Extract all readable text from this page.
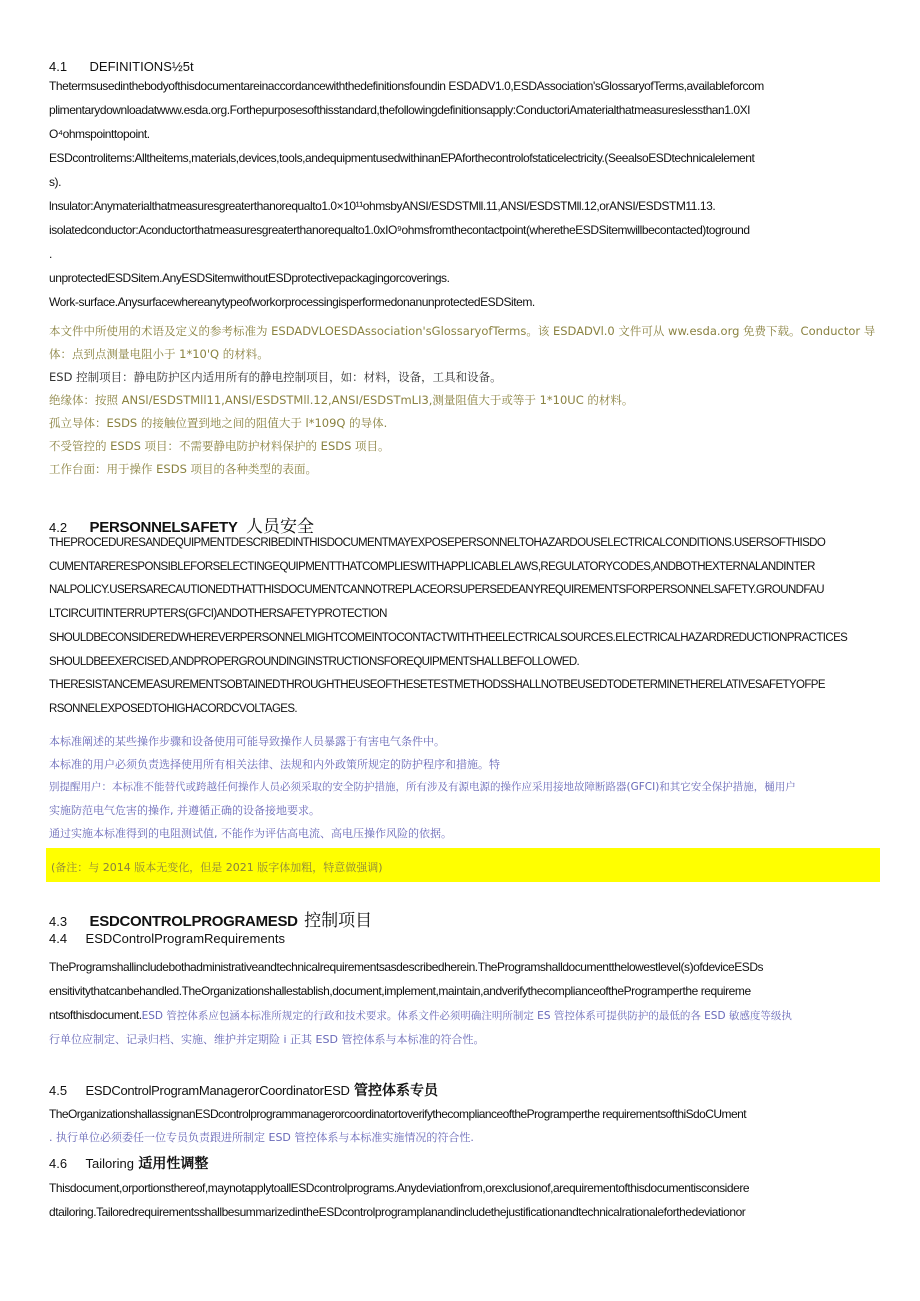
4.1 DEFINITIONS½5t
Thetermsusedinthebodyofthisdocumentareinaccordancewiththedefinitionsfoundin ESDADV1.0,ESDAssociation'sGlossaryofTerms,availableforcom
plimentarydownloadatwww.esda.org.Forthepurposesofthisstandard,thefollowingdefinitionsapply:ConductoriAmaterialthatmeasureslessthan1.0XI
O⁴ohmspointtopoint.
ESDcontrolitems:Alltheitems,materials,devices,tools,andequipmentusedwithinanEPAforthecontrolofstaticelectricity.(SeealsoESDtechnicalelement
s).
lnsulator:Anymaterialthatmeasuresgreaterthanorequalto1.0×10¹¹ohmsbyANSI/ESDSTMll.11,ANSI/ESDSTMll.12,orANSI/ESDSTM11.13.
isolatedconductor:Aconductorthatmeasuresgreaterthanorequalto1.0xIO⁹ohmsfromthecontactpoint(wheretheESDSitemwillbecontacted)toground
.
unprotectedESDSitem.AnyESDSitemwithoutESDprotectivepackagingorcoverings.
Work-surface.AnysurfacewhereanytypeofworkorprocessingisperformedonanunprotectedESDSitem.
本文件中所使用的术语及定义的参考标准为 ESDADVLOESDAssociation'sGlossaryofTerms。该 ESDADVl.0 文件可从 ww.esda.org 免费下载。Conductor 导
体：点到点测量电阻小于 1*10'Q 的材料。
ESD 控制项目：静电防护区内适用所有的静电控制项目，如：材料，设备，工具和设备。
绝缘体：按照 ANSl/ESDSTMll11,ANSl/ESDSTMll.12,ANSI/ESDSTmLI3,测量阻值大于或等于 1*10UC 的材料。
孤立导体：ESDS 的接触位置到地之间的阻值大于 l*109Q 的导体.
不受管控的 ESDS 项目：不需要静电防护材料保护的 ESDS 项目。
工作台面：用于操作 ESDS 项目的各种类型的表面。
4.2 PERSONNELSAFETY 人员安全
THEPROCEDURESANDEQUIPMENTDESCRIBEDINTHISDOCUMENTMAYEXPOSEPERSONNELTOHAZARDOUSELECTRICALCONDITIONS.USERSOFTHISDO
CUMENTARERESPONSIBLEFORSELECTINGEQUIPMENTTHATCOMPLIESWITHAPPLICABLELAWS,REGULATORYCODES,ANDBOTHEXTERNALANDINTER
NALPOLICY.USERSARECAUTIONEDTHATTHISDOCUMENTCANNOTREPLACEORSUPERSEDEANYREQUIREMENTSFORPERSONNELSAFETY.GROUNDFAU
LTCIRCUITINTERRUPTERS(GFCI)ANDOTHERSAFETYPROTECTION
SHOULDBECONSIDEREDWHEREVERPERSONNELMIGHTCOMEINTOCONTACTWITHTHEELECTRICALSOURCES.ELECTRICALHAZARDREDUCTIONPRACTICES
SHOULDBEEXERCISED,ANDPROPERGROUNDINGINSTRUCTIONSFOREQUIPMENTSHALLBEFOLLOWED.
THERESISTANCEMEASUREMENTSOBTAINEDTHROUGHTHEUSEOFTHESETESTMETHODSSHALLNOTBEUSEDTODETERMINETHERELATIVESAFETYOFPE
RSONNELEXPOSEDTOHIGHACORDCVOLTAGES.
本标准阐述的某些操作步骤和设备使用可能导致操作人员暴露于有害电气条件中。
本标准的用户必须负责选择使用所有相关法律、法规和内外政策所规定的防护程序和措施。特
别提醒用户：本标准不能替代或跨越任何操作人员必须采取的安全防护措施，所有涉及有源电源的操作应采用接地故障断路器(GFCI)和其它安全保护措施，樋用户
实施防范电气危害的操作, 并遵循正确的设备接地要求。
通过实施本标准得到的电阻测试值, 不能作为评估高电流、高电压操作风险的依据。
(备注：与 2014 版本无变化，但是 2021 版字体加粗，特意做强调)
4.3 ESDCONTROLPROGRAMESD 控制项目
4.4 ESDControlProgramRequirements
TheProgramshallincludebothadministrativeandtechnicalrequirementsasdescribedherein.TheProgramshalldocumentthelowestlevel(s)ofdeviceESDs
ensitivitythatcanbehandled.TheOrganizationshallestablish,document,implement,maintain,andverifythecomplianceoftheProgramperthe requireme
ntsofthisdocument.ESD 管控体系应包涵本标准所规定的行政和技术要求。体系文件必须明确注明所制定 ES 管控体系可提供防护的最低的各 ESD 敏感度等级执
行单位应制定、记录归档、实施、维护并定期险 i 正其 ESD 管控体系与本标准的符合性。
4.5 ESDControlProgramManagerorCoordinatorESD 管控体系专员
TheOrganizationshallassignanESDcontrolprogrammanagerorcoordinatortoverifythecomplianceoftheProgramperthe requirementsofthiSdoCUment
. 执行单位必须委任一位专员负责跟进所制定 ESD 管控体系与本标准实施情况的符合性.
4.6 Tailoring 适用性调整
Thisdocument,orportionsthereof,maynotapplytoallESDcontrolprograms.Anydeviationfrom,orexclusionof,arequirementofthisdocumentisconsidere
dtailoring.TailoredrequirementsshallbesummarizedintheESDcontrolprogramplanandincludethejustificationandtechnicalrationaleforthedeviationor
